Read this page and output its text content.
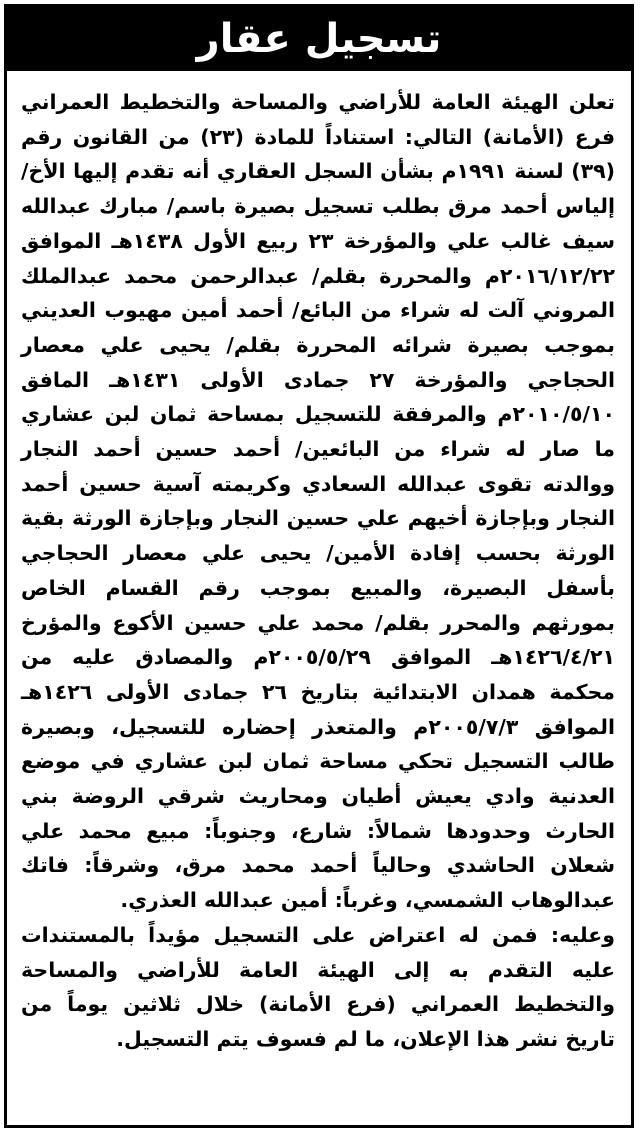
تسجيل عقار

تعلن الهيئة العامة للأراضي والمساحة والتخطيط العمراني فرع (الأمانة) التالي: استناداً للمادة (٢٣) من القانون رقم (٣٩) لسنة ١٩٩١م بشأن السجل العقاري أنه تقدم إليها الأخ/ إلياس أحمد مرق بطلب تسجيل بصيرة باسم/ مبارك عبدالله سيف غالب علي والمؤرخة ٢٣ ربيع الأول ١٤٣٨هـ الموافق ٢٠١٦/١٢/٢٢م والمحررة بقلم/ عبدالرحمن محمد عبدالملك المروني آلت له شراء من البائع/ أحمد أمين مهيوب العديني بموجب بصيرة شرائه المحررة بقلم/ يحيى علي معصار الحجاجي والمؤرخة ٢٧ جمادى الأولى ١٤٣١هـ المافق ٢٠١٠/٥/١٠م والمرفقة للتسجيل بمساحة ثمان لبن عشاري ما صار له شراء من البائعين/ أحمد حسين أحمد النجار ووالدته تقوى عبدالله السعادي وكريمته آسية حسين أحمد النجار وبإجازة أخيهم علي حسين النجار وبإجازة الورثة بقية الورثة بحسب إفادة الأمين/ يحيى علي معصار الحجاجي بأسفل البصيرة، والمبيع بموجب رقم القسام الخاص بمورثهم والمحرر بقلم/ محمد علي حسين الأكوع والمؤرخ ١٤٢٦/٤/٢١هـ الموافق ٢٠٠٥/٥/٢٩م والمصادق عليه من محكمة همدان الابتدائية بتاريخ ٢٦ جمادى الأولى ١٤٢٦هـ الموافق ٢٠٠٥/٧/٣م والمتعذر إحضاره للتسجيل، وبصيرة طالب التسجيل تحكي مساحة ثمان لبن عشاري في موضع العدنية وادي يعيش أطيان ومحاريث شرقي الروضة بني الحارث وحدودها شمالاً: شارع، وجنوباً: مبيع محمد علي شعلان الحاشدي وحالياً أحمد محمد مرق، وشرقاً: فاتك عبدالوهاب الشمسي، وغرباً: أمين عبدالله العذري.

وعليه: فمن له اعتراض على التسجيل مؤيداً بالمستندات عليه التقدم به إلى الهيئة العامة للأراضي والمساحة والتخطيط العمراني (فرع الأمانة) خلال ثلاثين يوماً من تاريخ نشر هذا الإعلان، ما لم فسوف يتم التسجيل.
